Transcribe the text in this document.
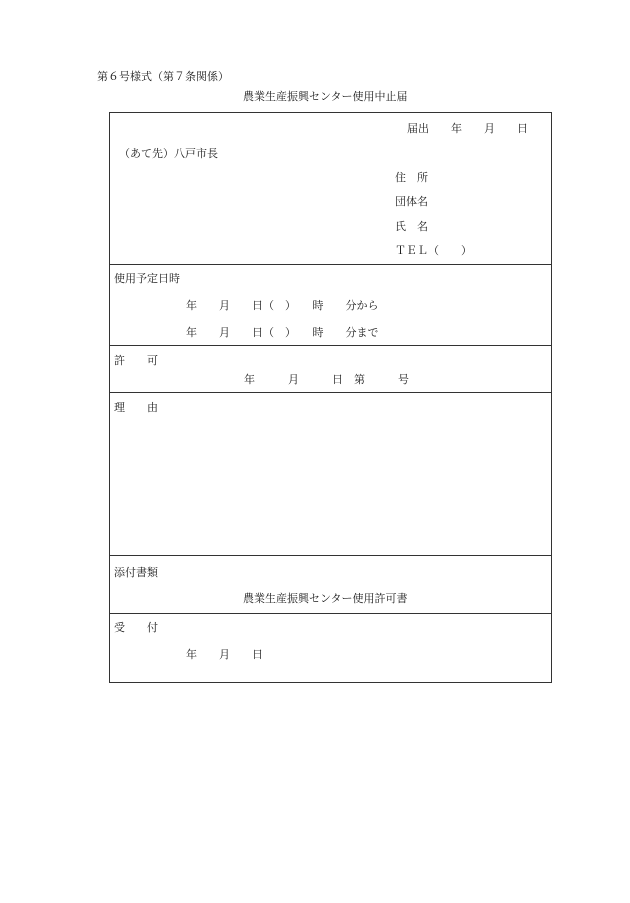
第６号様式（第７条関係）
農業生産振興センター使用中止届
届出　　年　　月　　日
（あて先）八戸市長
住　所
団体名
氏　名
ＴＥＬ（　　）
使用予定日時
年　　月　　日（　）　　時　　分から
年　　月　　日（　）　　時　　分まで
許　　可
年　　　月　　　日　第　　　号
理　　由
添付書類
農業生産振興センター使用許可書
受　　付
年　　月　　日
